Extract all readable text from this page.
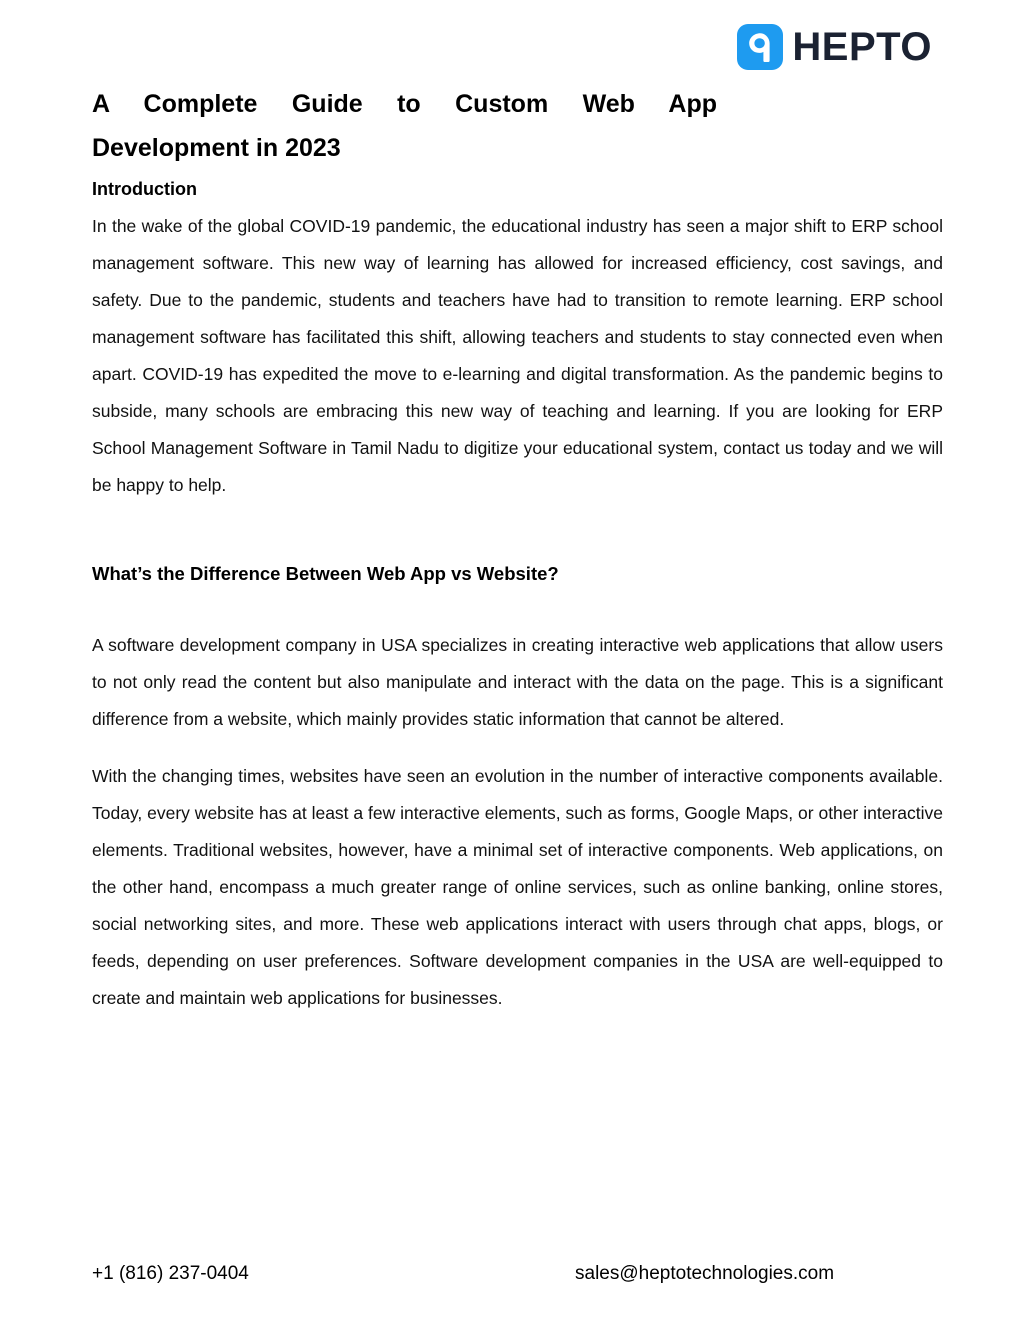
HEPTO
A Complete Guide to Custom Web App
Development in 2023
Introduction

In the wake of the global COVID-19 pandemic, the educational industry has seen a major shift to ERP school management software. This new way of learning has allowed for increased efficiency, cost savings, and safety. Due to the pandemic, students and teachers have had to transition to remote learning. ERP school management software has facilitated this shift, allowing teachers and students to stay connected even when apart. COVID-19 has expedited the move to e-learning and digital transformation. As the pandemic begins to subside, many schools are embracing this new way of teaching and learning. If you are looking for ERP School Management Software in Tamil Nadu to digitize your educational system, contact us today and we will be happy to help.

What’s the Difference Between Web App vs Website?

A software development company in USA specializes in creating interactive web applications that allow users to not only read the content but also manipulate and interact with the data on the page. This is a significant difference from a website, which mainly provides static information that cannot be altered.

With the changing times, websites have seen an evolution in the number of interactive components available. Today, every website has at least a few interactive elements, such as forms, Google Maps, or other interactive elements. Traditional websites, however, have a minimal set of interactive components. Web applications, on the other hand, encompass a much greater range of online services, such as online banking, online stores, social networking sites, and more. These web applications interact with users through chat apps, blogs, or feeds, depending on user preferences. Software development companies in the USA are well-equipped to create and maintain web applications for businesses.

+1 (816) 237-0404	sales@heptotechnologies.com
